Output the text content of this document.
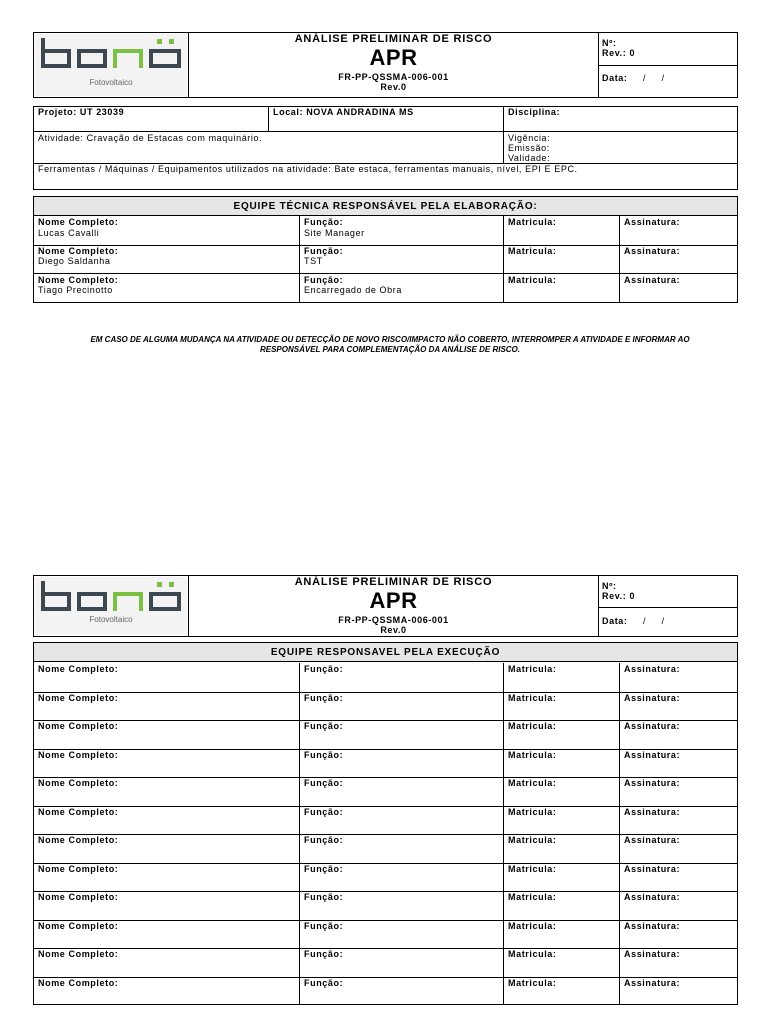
Fotovoltaico
ANÁLISE PRELIMINAR DE RISCO
APR
FR-PP-QSSMA-006-001
Rev.0
Nº:
Rev.: 0
Data: /     /
Projeto: UT 23039	Local: NOVA ANDRADINA MS	Disciplina:
Atividade: Cravação de Estacas com maquinário.	Vigência:
Emissão:
Validade:
Ferramentas / Máquinas / Equipamentos utilizados na atividade: Bate estaca, ferramentas manuais, nível, EPI E EPC.
EQUIPE TÉCNICA RESPONSÁVEL PELA ELABORAÇÃO:
Nome Completo:
Lucas Cavalli
Função:
Site Manager
Matricula:	Assinatura:
Nome Completo:
Diego Saldanha
Função:
TST
Matricula:	Assinatura:
Nome Completo:
Tiago Precinotto
Função:
Encarregado de Obra
Matricula:	Assinatura:
EM CASO DE ALGUMA MUDANÇA NA ATIVIDADE OU DETECÇÃO DE NOVO RISCO/IMPACTO NÃO COBERTO, INTERROMPER A ATIVIDADE E INFORMAR AO
RESPONSÁVEL PARA COMPLEMENTAÇÃO DA ANÁLISE DE RISCO.
Fotovoltaico
ANÁLISE PRELIMINAR DE RISCO
APR
FR-PP-QSSMA-006-001
Rev.0
Nº:
Rev.: 0
Data: /     /
EQUIPE RESPONSAVEL PELA EXECUÇÃO
Nome Completo:	Função:	Matricula:	Assinatura:
Nome Completo:	Função:	Matricula:	Assinatura:
Nome Completo:	Função:	Matricula:	Assinatura:
Nome Completo:	Função:	Matricula:	Assinatura:
Nome Completo:	Função:	Matricula:	Assinatura:
Nome Completo:	Função:	Matricula:	Assinatura:
Nome Completo:	Função:	Matricula:	Assinatura:
Nome Completo:	Função:	Matricula:	Assinatura:
Nome Completo:	Função:	Matricula:	Assinatura:
Nome Completo:	Função:	Matricula:	Assinatura:
Nome Completo:	Função:	Matricula:	Assinatura:
Nome Completo:	Função:	Matricula:	Assinatura:
